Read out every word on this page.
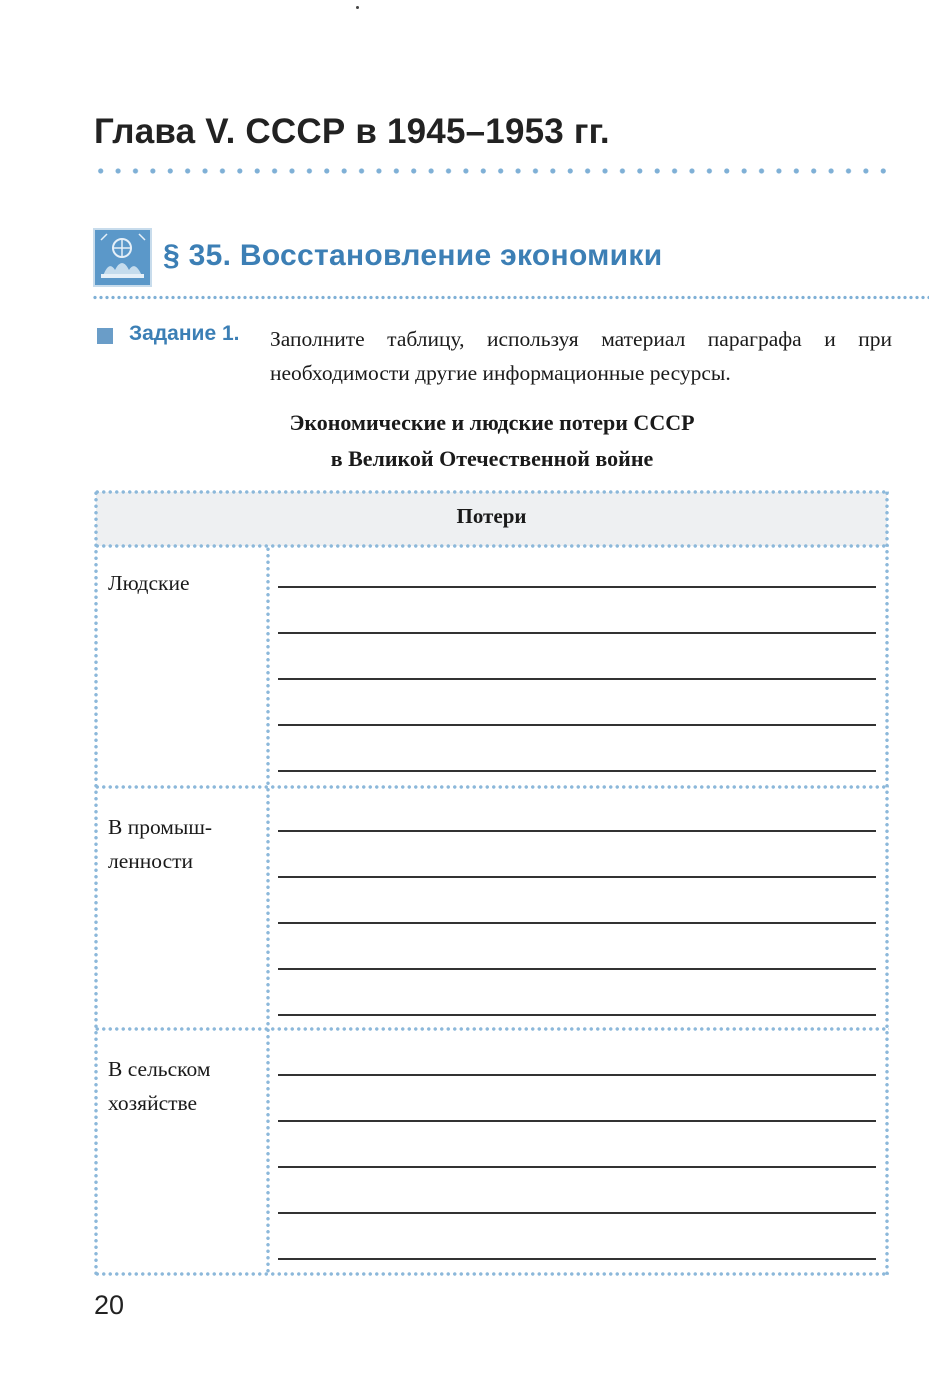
Глава V. СССР в 1945–1953 гг.
§ 35. Восстановление экономики
Задание 1. Заполните таблицу, используя материал параграфа и при необходимости другие информационные ресурсы.
Экономические и людские потери СССР
в Великой Отечественной войне
Потери
Людские
В промыш-
ленности
В сельском
хозяйстве
20
